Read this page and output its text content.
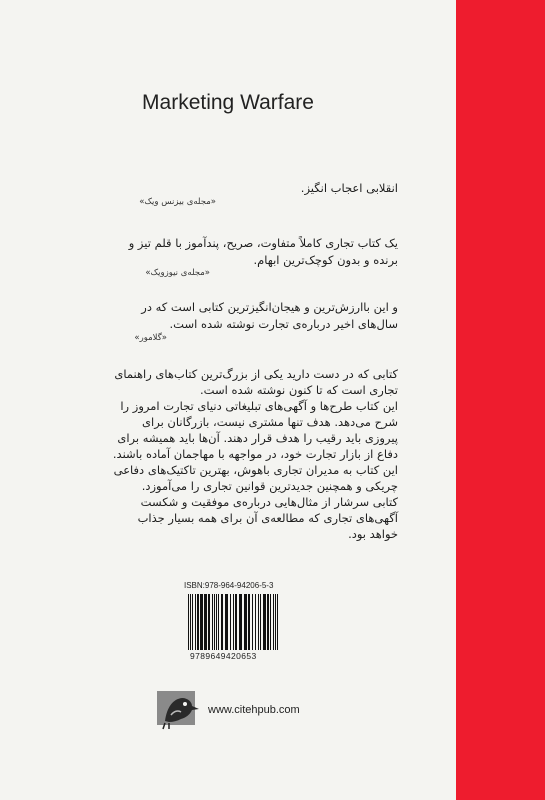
Marketing Warfare
انقلابی اعجاب انگیز.
«مجله‌ی بیزنس ویک»
یک کتاب تجاری کاملاً متفاوت، صریح، پندآموز با قلم تیز و برنده و بدون کوچک‌ترین ابهام.
«مجله‌ی نیوزویک»
و این باارزش‌ترین و هیجان‌انگیزترین کتابی است که در سال‌های اخیر درباره‌ی تجارت نوشته شده است.
«گلامور»

کتابی که در دست دارید یکی از بزرگ‌ترین کتاب‌های راهنمای تجاری است که تا کنون نوشته شده است.

این کتاب طرح‌ها و آگهی‌های تبلیغاتی دنیای تجارت امروز را شرح می‌دهد. هدف تنها مشتری نیست، بازرگانان برای پیروزی باید رقیب را هدف قرار دهند. آن‌ها باید همیشه برای دفاع از بازار تجارت خود، در مواجهه با مهاجمان آماده باشند. این کتاب به مدیران تجاری باهوش، بهترین تاکتیک‌های دفاعی چریکی و همچنین جدیدترین قوانین تجاری را می‌آموزد.

کتابی سرشار از مثال‌هایی درباره‌ی موفقیت و شکست آگهی‌های تجاری که مطالعه‌ی آن برای همه بسیار جذاب خواهد بود.

ISBN:978-964-94206-5-3
9789649420653
www.citehpub.com
